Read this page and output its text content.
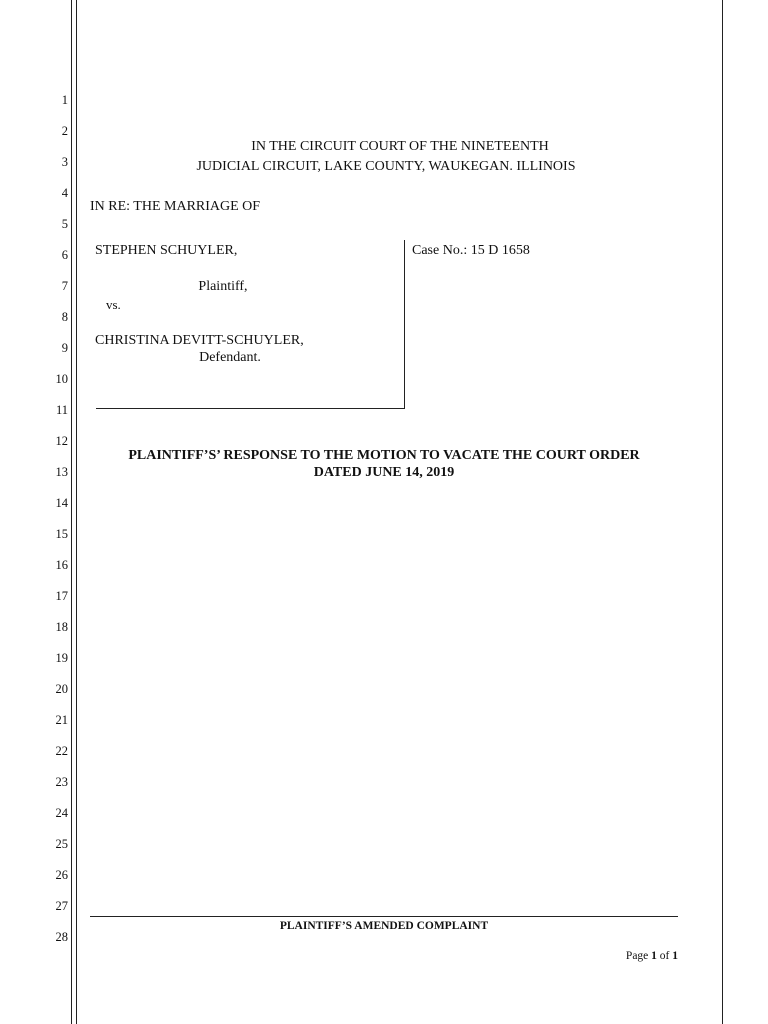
1
2
3
4
5
6
7
8
9
10
11
12
13
14
15
16
17
18
19
20
21
22
23
24
25
26
27
28
IN THE CIRCUIT COURT OF THE NINETEENTH
JUDICIAL CIRCUIT, LAKE COUNTY, WAUKEGAN. ILLINOIS
IN RE: THE MARRIAGE OF
STEPHEN SCHUYLER,
Plaintiff,
vs.
CHRISTINA DEVITT-SCHUYLER,
Defendant.
Case No.: 15 D 1658
PLAINTIFF’S’ RESPONSE TO THE MOTION TO VACATE THE COURT ORDER
DATED JUNE 14, 2019
PLAINTIFF’S AMENDED COMPLAINT
Page 1 of 1
